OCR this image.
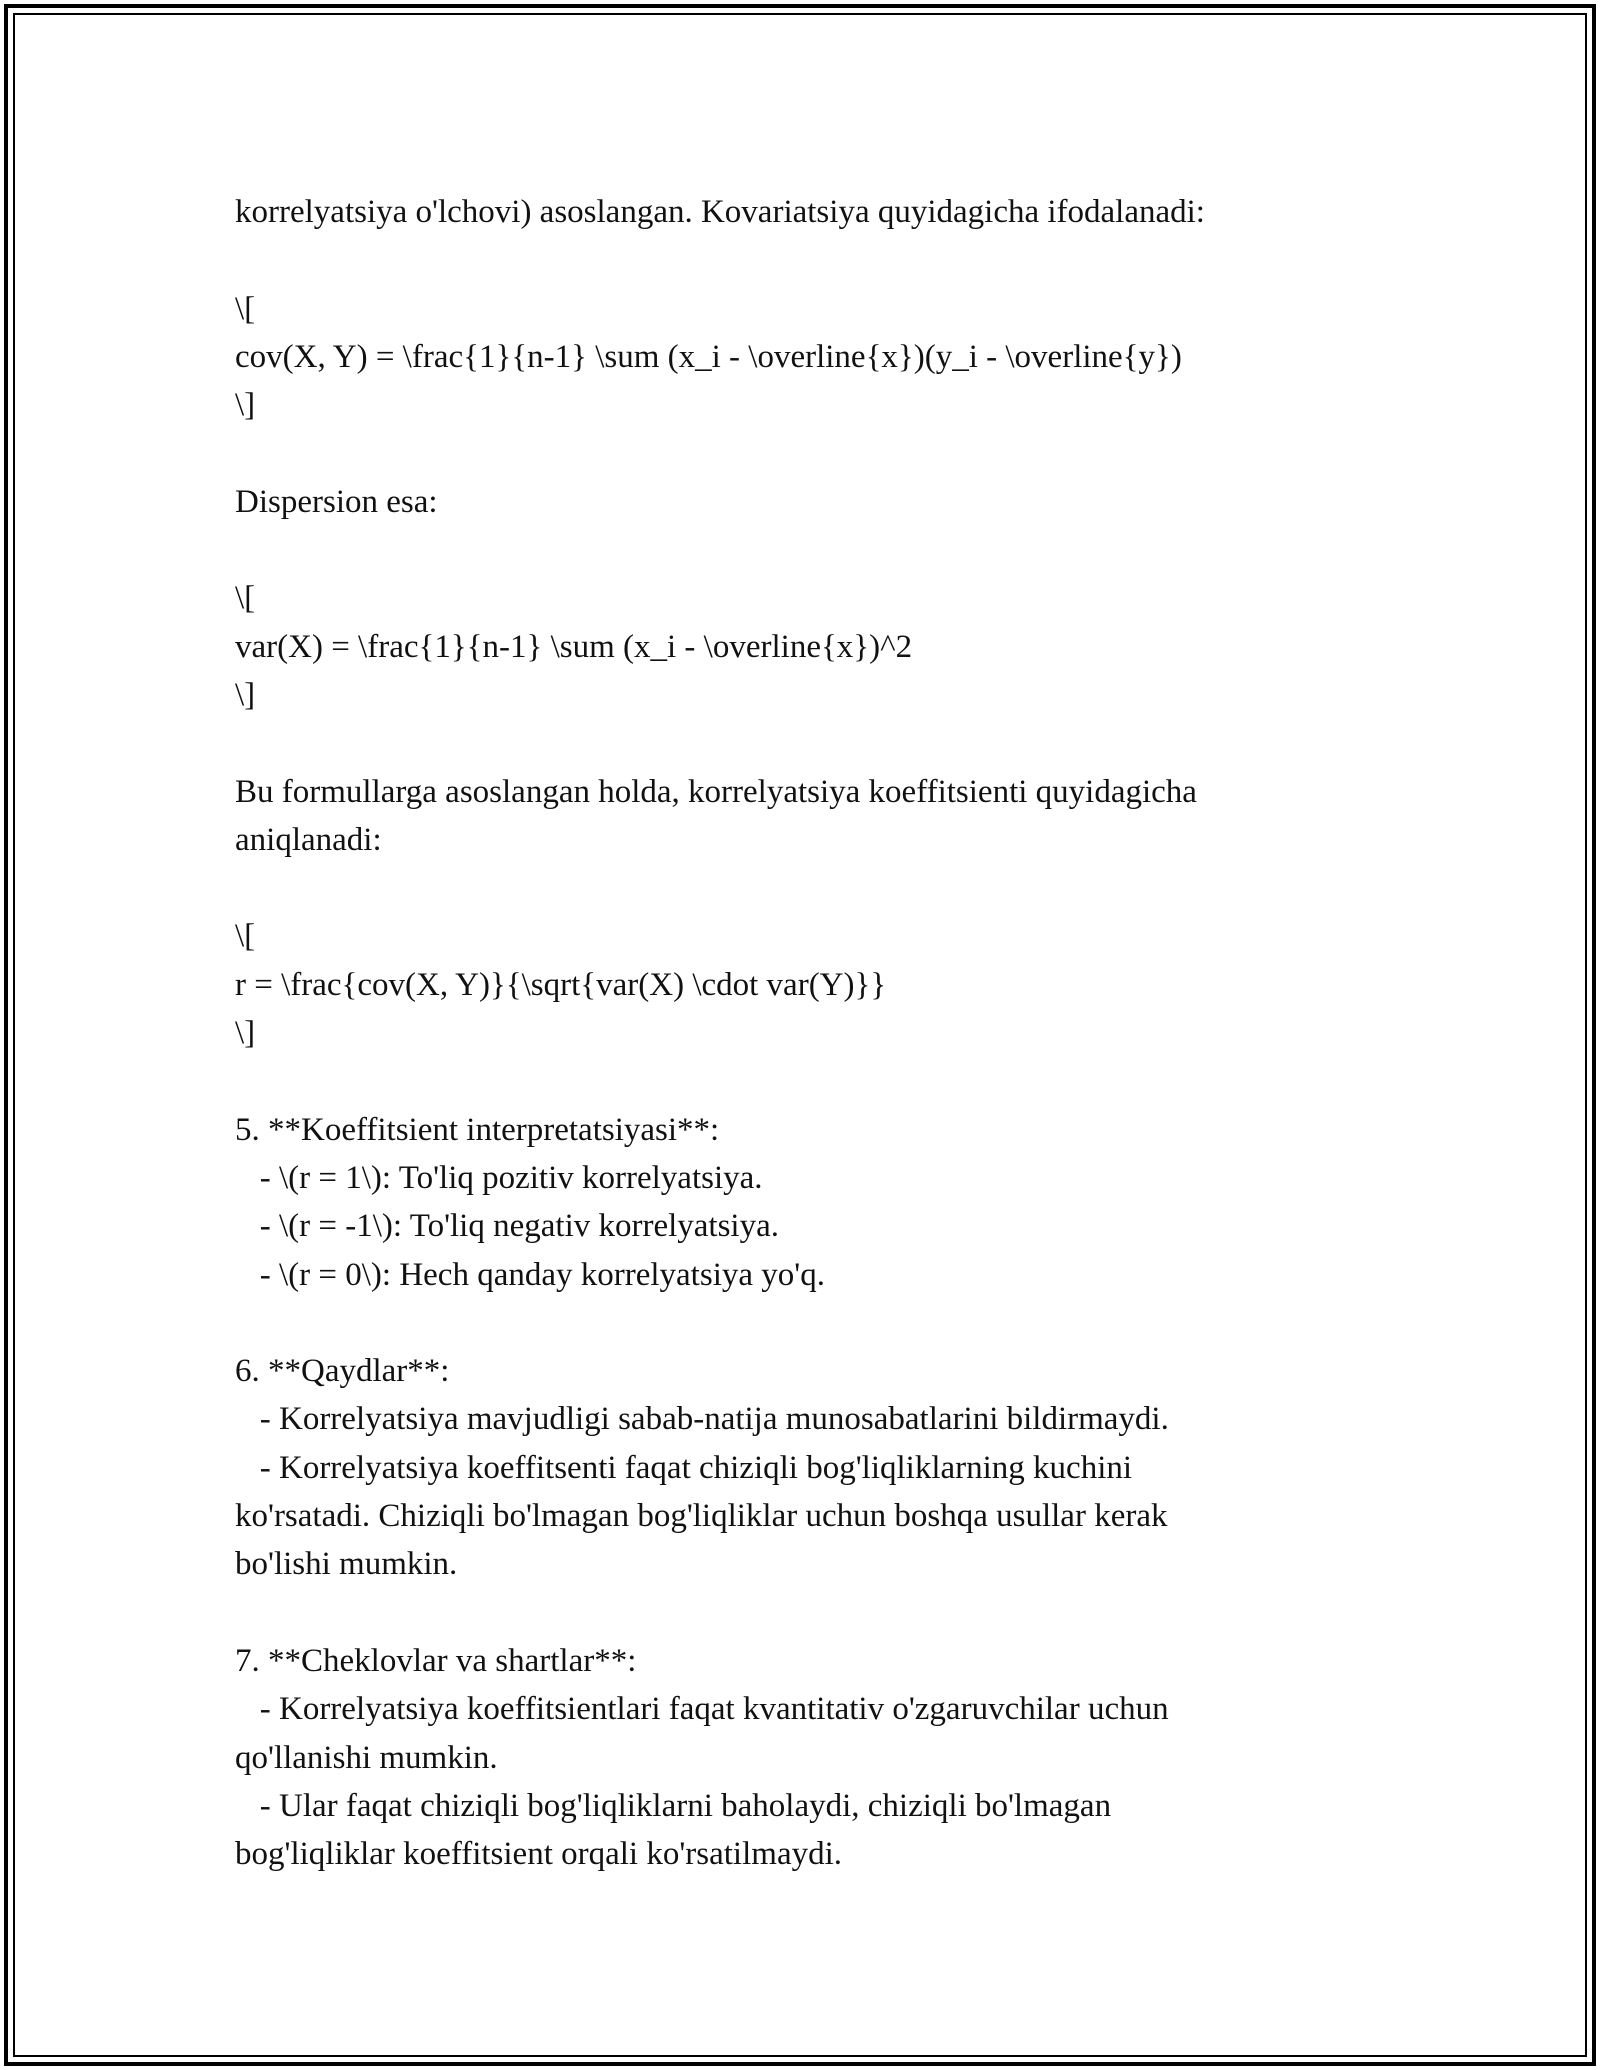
korrelyatsiya o'lchovi) asoslangan. Kovariatsiya quyidagicha ifodalanadi:
\[
cov(X, Y) = \frac{1}{n-1} \sum (x_i - \overline{x})(y_i - \overline{y})
\]
Dispersion esa:
\[
var(X) = \frac{1}{n-1} \sum (x_i - \overline{x})^2
\]
Bu formullarga asoslangan holda, korrelyatsiya koeffitsienti quyidagicha
aniqlanadi:
\[
r = \frac{cov(X, Y)}{\sqrt{var(X) \cdot var(Y)}}
\]
5. **Koeffitsient interpretatsiyasi**:
- \(r = 1\): To'liq pozitiv korrelyatsiya.
- \(r = -1\): To'liq negativ korrelyatsiya.
- \(r = 0\): Hech qanday korrelyatsiya yo'q.
6. **Qaydlar**:
- Korrelyatsiya mavjudligi sabab-natija munosabatlarini bildirmaydi.
- Korrelyatsiya koeffitsenti faqat chiziqli bog'liqliklarning kuchini
ko'rsatadi. Chiziqli bo'lmagan bog'liqliklar uchun boshqa usullar kerak
bo'lishi mumkin.
7. **Cheklovlar va shartlar**:
- Korrelyatsiya koeffitsientlari faqat kvantitativ o'zgaruvchilar uchun
qo'llanishi mumkin.
- Ular faqat chiziqli bog'liqliklarni baholaydi, chiziqli bo'lmagan
bog'liqliklar koeffitsient orqali ko'rsatilmaydi.
